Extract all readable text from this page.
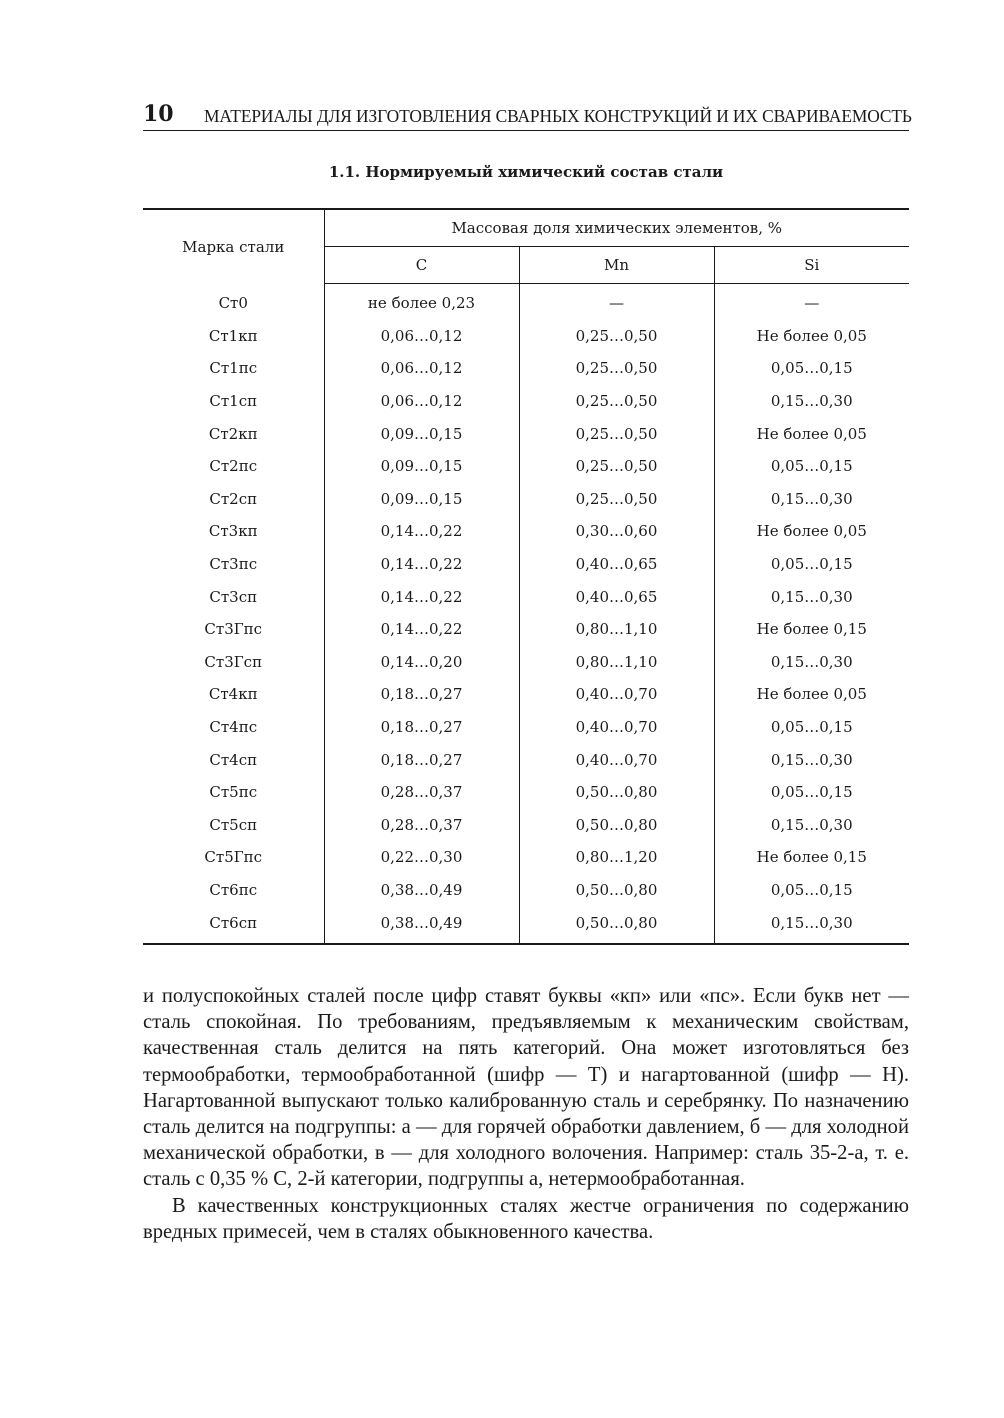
10 МАТЕРИАЛЫ ДЛЯ ИЗГОТОВЛЕНИЯ СВАРНЫХ КОНСТРУКЦИЙ И ИХ СВАРИВАЕМОСТЬ
1.1. Нормируемый химический состав стали
Марка стали	Массовая доля химических элементов, %		
	C	Mn	Si
Ст0	не более 0,23	—	—
Ст1кп	0,06…0,12	0,25…0,50	Не более 0,05
Ст1пс	0,06…0,12	0,25…0,50	0,05…0,15
Ст1сп	0,06…0,12	0,25…0,50	0,15…0,30
Ст2кп	0,09…0,15	0,25…0,50	Не более 0,05
Ст2пс	0,09…0,15	0,25…0,50	0,05…0,15
Ст2сп	0,09…0,15	0,25…0,50	0,15…0,30
Ст3кп	0,14…0,22	0,30…0,60	Не более 0,05
Ст3пс	0,14…0,22	0,40…0,65	0,05…0,15
Ст3сп	0,14…0,22	0,40…0,65	0,15…0,30
Ст3Гпс	0,14…0,22	0,80…1,10	Не более 0,15
Ст3Гсп	0,14…0,20	0,80…1,10	0,15…0,30
Ст4кп	0,18…0,27	0,40…0,70	Не более 0,05
Ст4пс	0,18…0,27	0,40…0,70	0,05…0,15
Ст4сп	0,18…0,27	0,40…0,70	0,15…0,30
Ст5пс	0,28…0,37	0,50…0,80	0,05…0,15
Ст5сп	0,28…0,37	0,50…0,80	0,15…0,30
Ст5Гпс	0,22…0,30	0,80…1,20	Не более 0,15
Ст6пс	0,38…0,49	0,50…0,80	0,05…0,15
Ст6сп	0,38…0,49	0,50…0,80	0,15…0,30

и полуспокойных сталей после цифр ставят буквы «кп» или «пс». Если букв нет — сталь спокойная. По требованиям, предъявляемым к механическим свойствам, качественная сталь делится на пять категорий. Она может изготовляться без термообработки, термообработанной (шифр — Т) и нагартованной (шифр — Н). Нагартованной выпускают только калиброванную сталь и серебрянку. По назначению сталь делится на подгруппы: а — для горячей обработки давлением, б — для холодной механической обработки, в — для холодного волочения. Например: сталь 35-2-а, т. е. сталь с 0,35 % С, 2-й категории, подгруппы а, нетермообработанная.

В качественных конструкционных сталях жестче ограничения по содержанию вредных примесей, чем в сталях обыкновенного качества.
